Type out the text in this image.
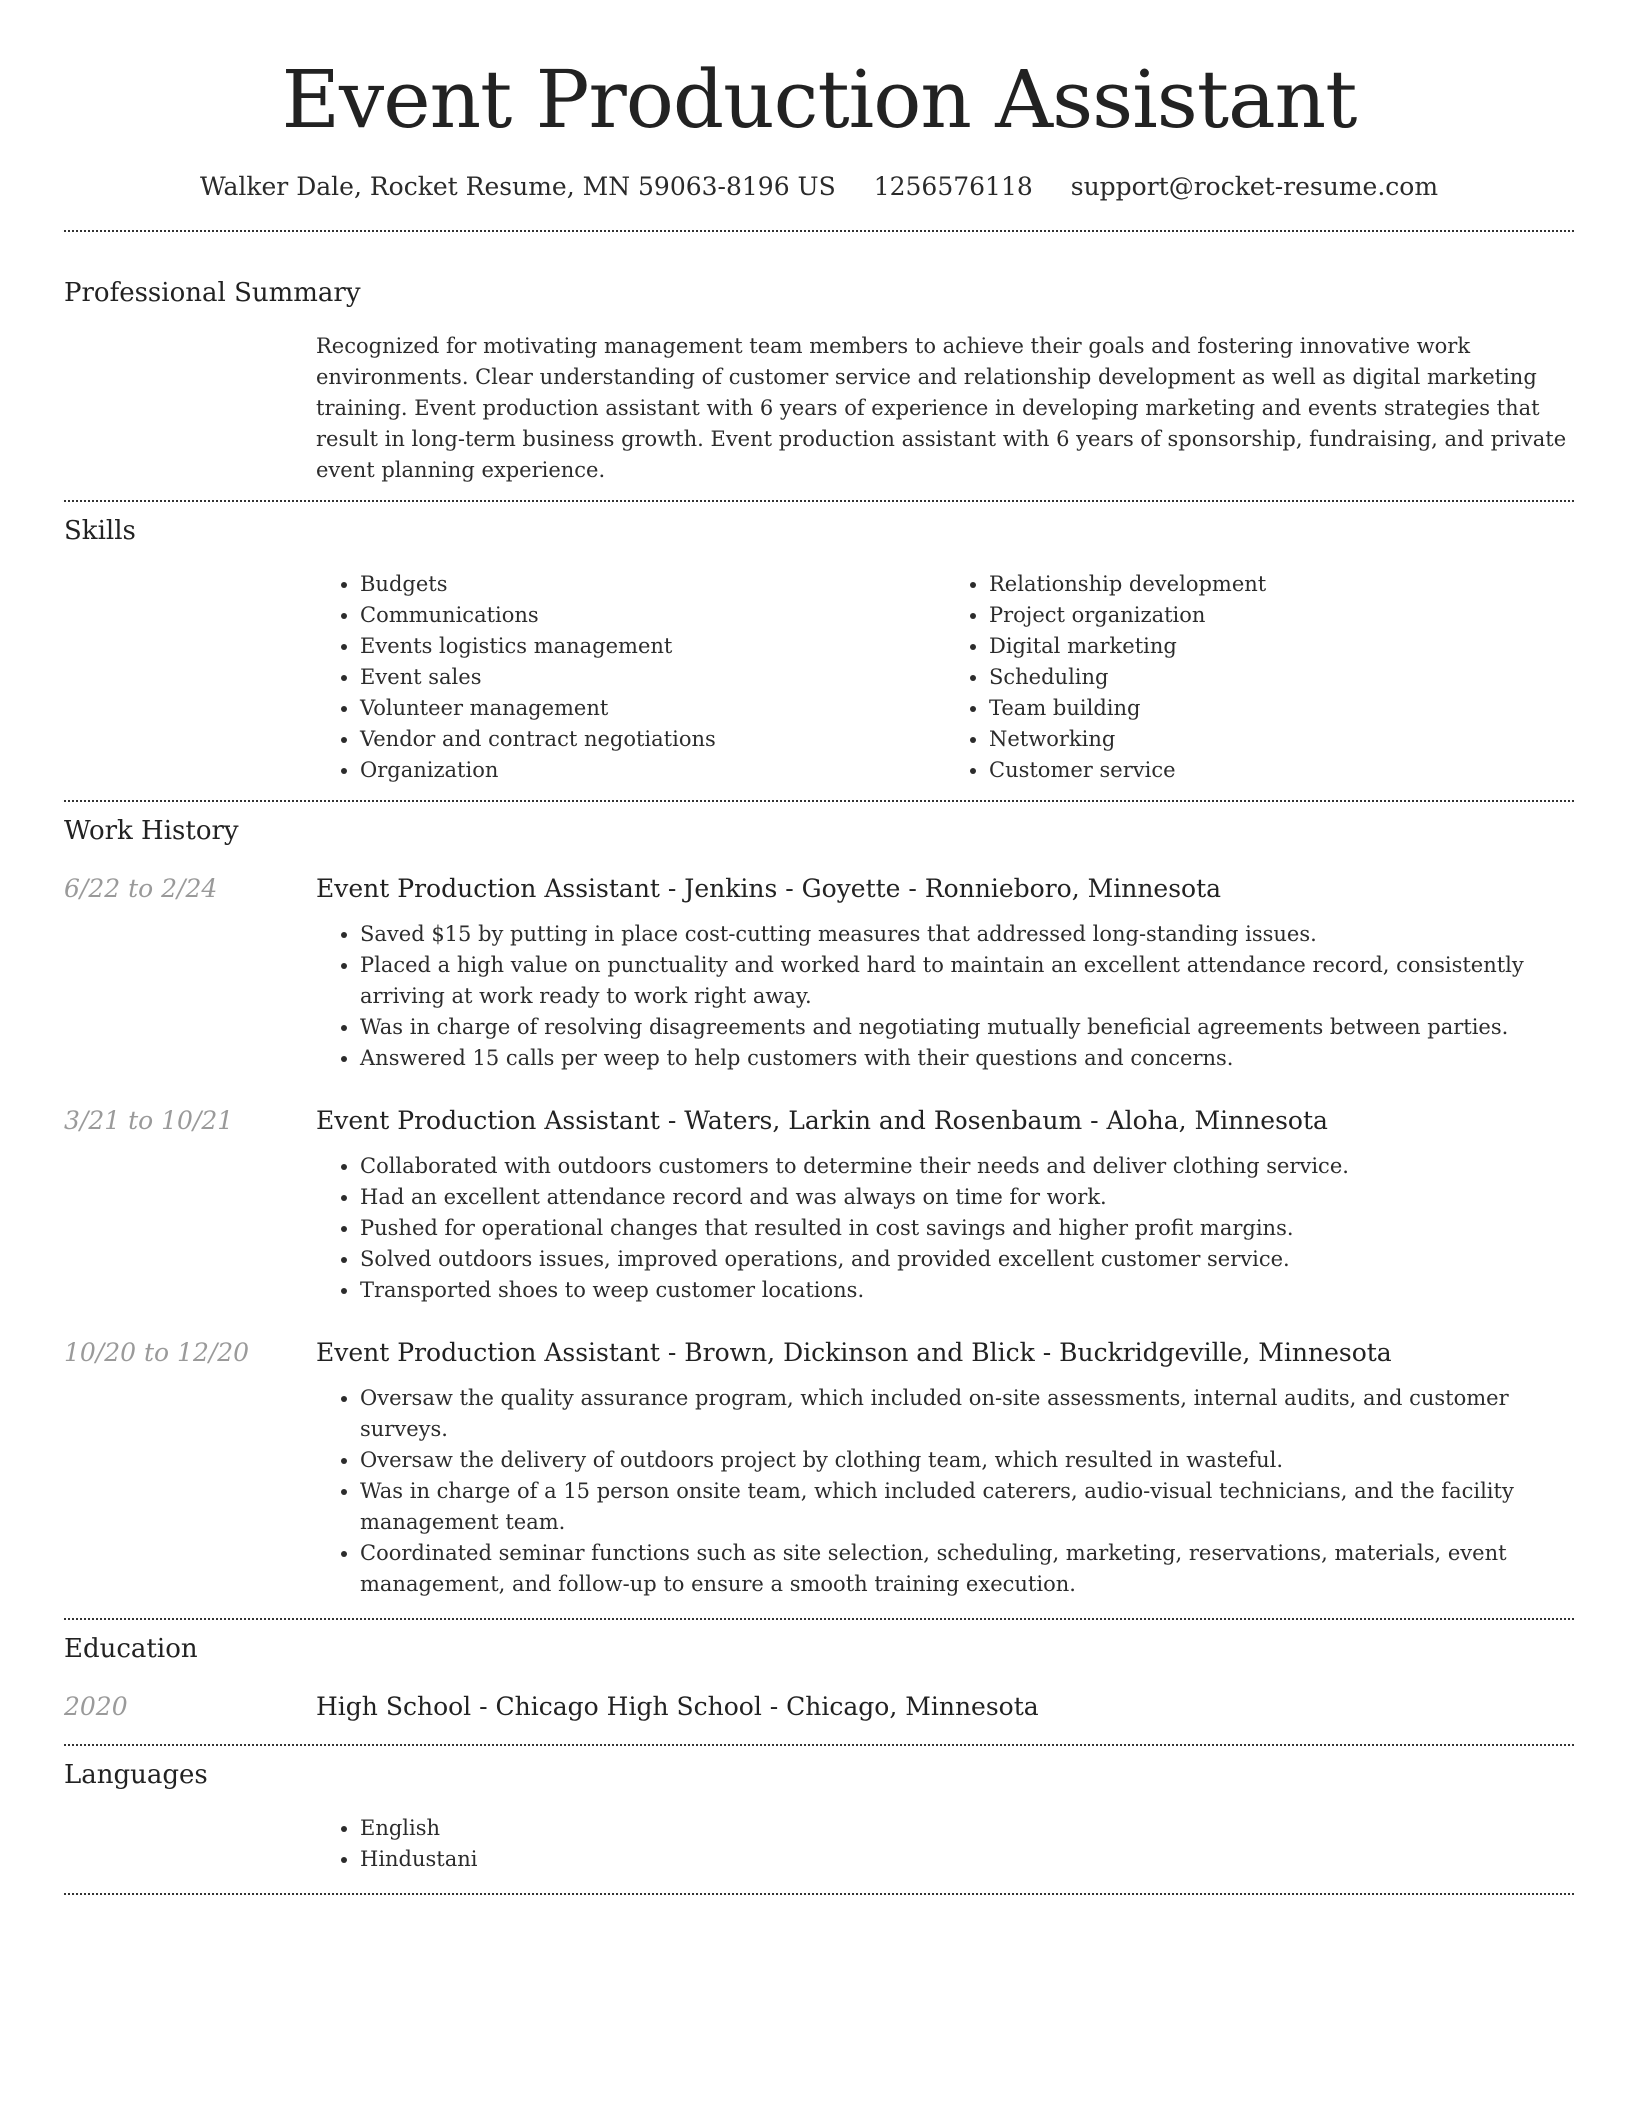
Event Production Assistant
Walker Dale, Rocket Resume, MN 59063-8196 US 1256576118 support@rocket-resume.com
Professional Summary
Recognized for motivating management team members to achieve their goals and fostering innovative work environments. Clear understanding of customer service and relationship development as well as digital marketing training. Event production assistant with 6 years of experience in developing marketing and events strategies that result in long-term business growth. Event production assistant with 6 years of sponsorship, fundraising, and private event planning experience.
Skills
• Budgets
• Communications
• Events logistics management
• Event sales
• Volunteer management
• Vendor and contract negotiations
• Organization
• Relationship development
• Project organization
• Digital marketing
• Scheduling
• Team building
• Networking
• Customer service
Work History
6/22 to 2/24	Event Production Assistant - Jenkins - Goyette - Ronnieboro, Minnesota
• Saved $15 by putting in place cost-cutting measures that addressed long-standing issues.
• Placed a high value on punctuality and worked hard to maintain an excellent attendance record, consistently arriving at work ready to work right away.
• Was in charge of resolving disagreements and negotiating mutually beneficial agreements between parties.
• Answered 15 calls per weep to help customers with their questions and concerns.
3/21 to 10/21	Event Production Assistant - Waters, Larkin and Rosenbaum - Aloha, Minnesota
• Collaborated with outdoors customers to determine their needs and deliver clothing service.
• Had an excellent attendance record and was always on time for work.
• Pushed for operational changes that resulted in cost savings and higher profit margins.
• Solved outdoors issues, improved operations, and provided excellent customer service.
• Transported shoes to weep customer locations.
10/20 to 12/20	Event Production Assistant - Brown, Dickinson and Blick - Buckridgeville, Minnesota
• Oversaw the quality assurance program, which included on-site assessments, internal audits, and customer surveys.
• Oversaw the delivery of outdoors project by clothing team, which resulted in wasteful.
• Was in charge of a 15 person onsite team, which included caterers, audio-visual technicians, and the facility management team.
• Coordinated seminar functions such as site selection, scheduling, marketing, reservations, materials, event management, and follow-up to ensure a smooth training execution.
Education
2020	High School - Chicago High School - Chicago, Minnesota
Languages
• English
• Hindustani
